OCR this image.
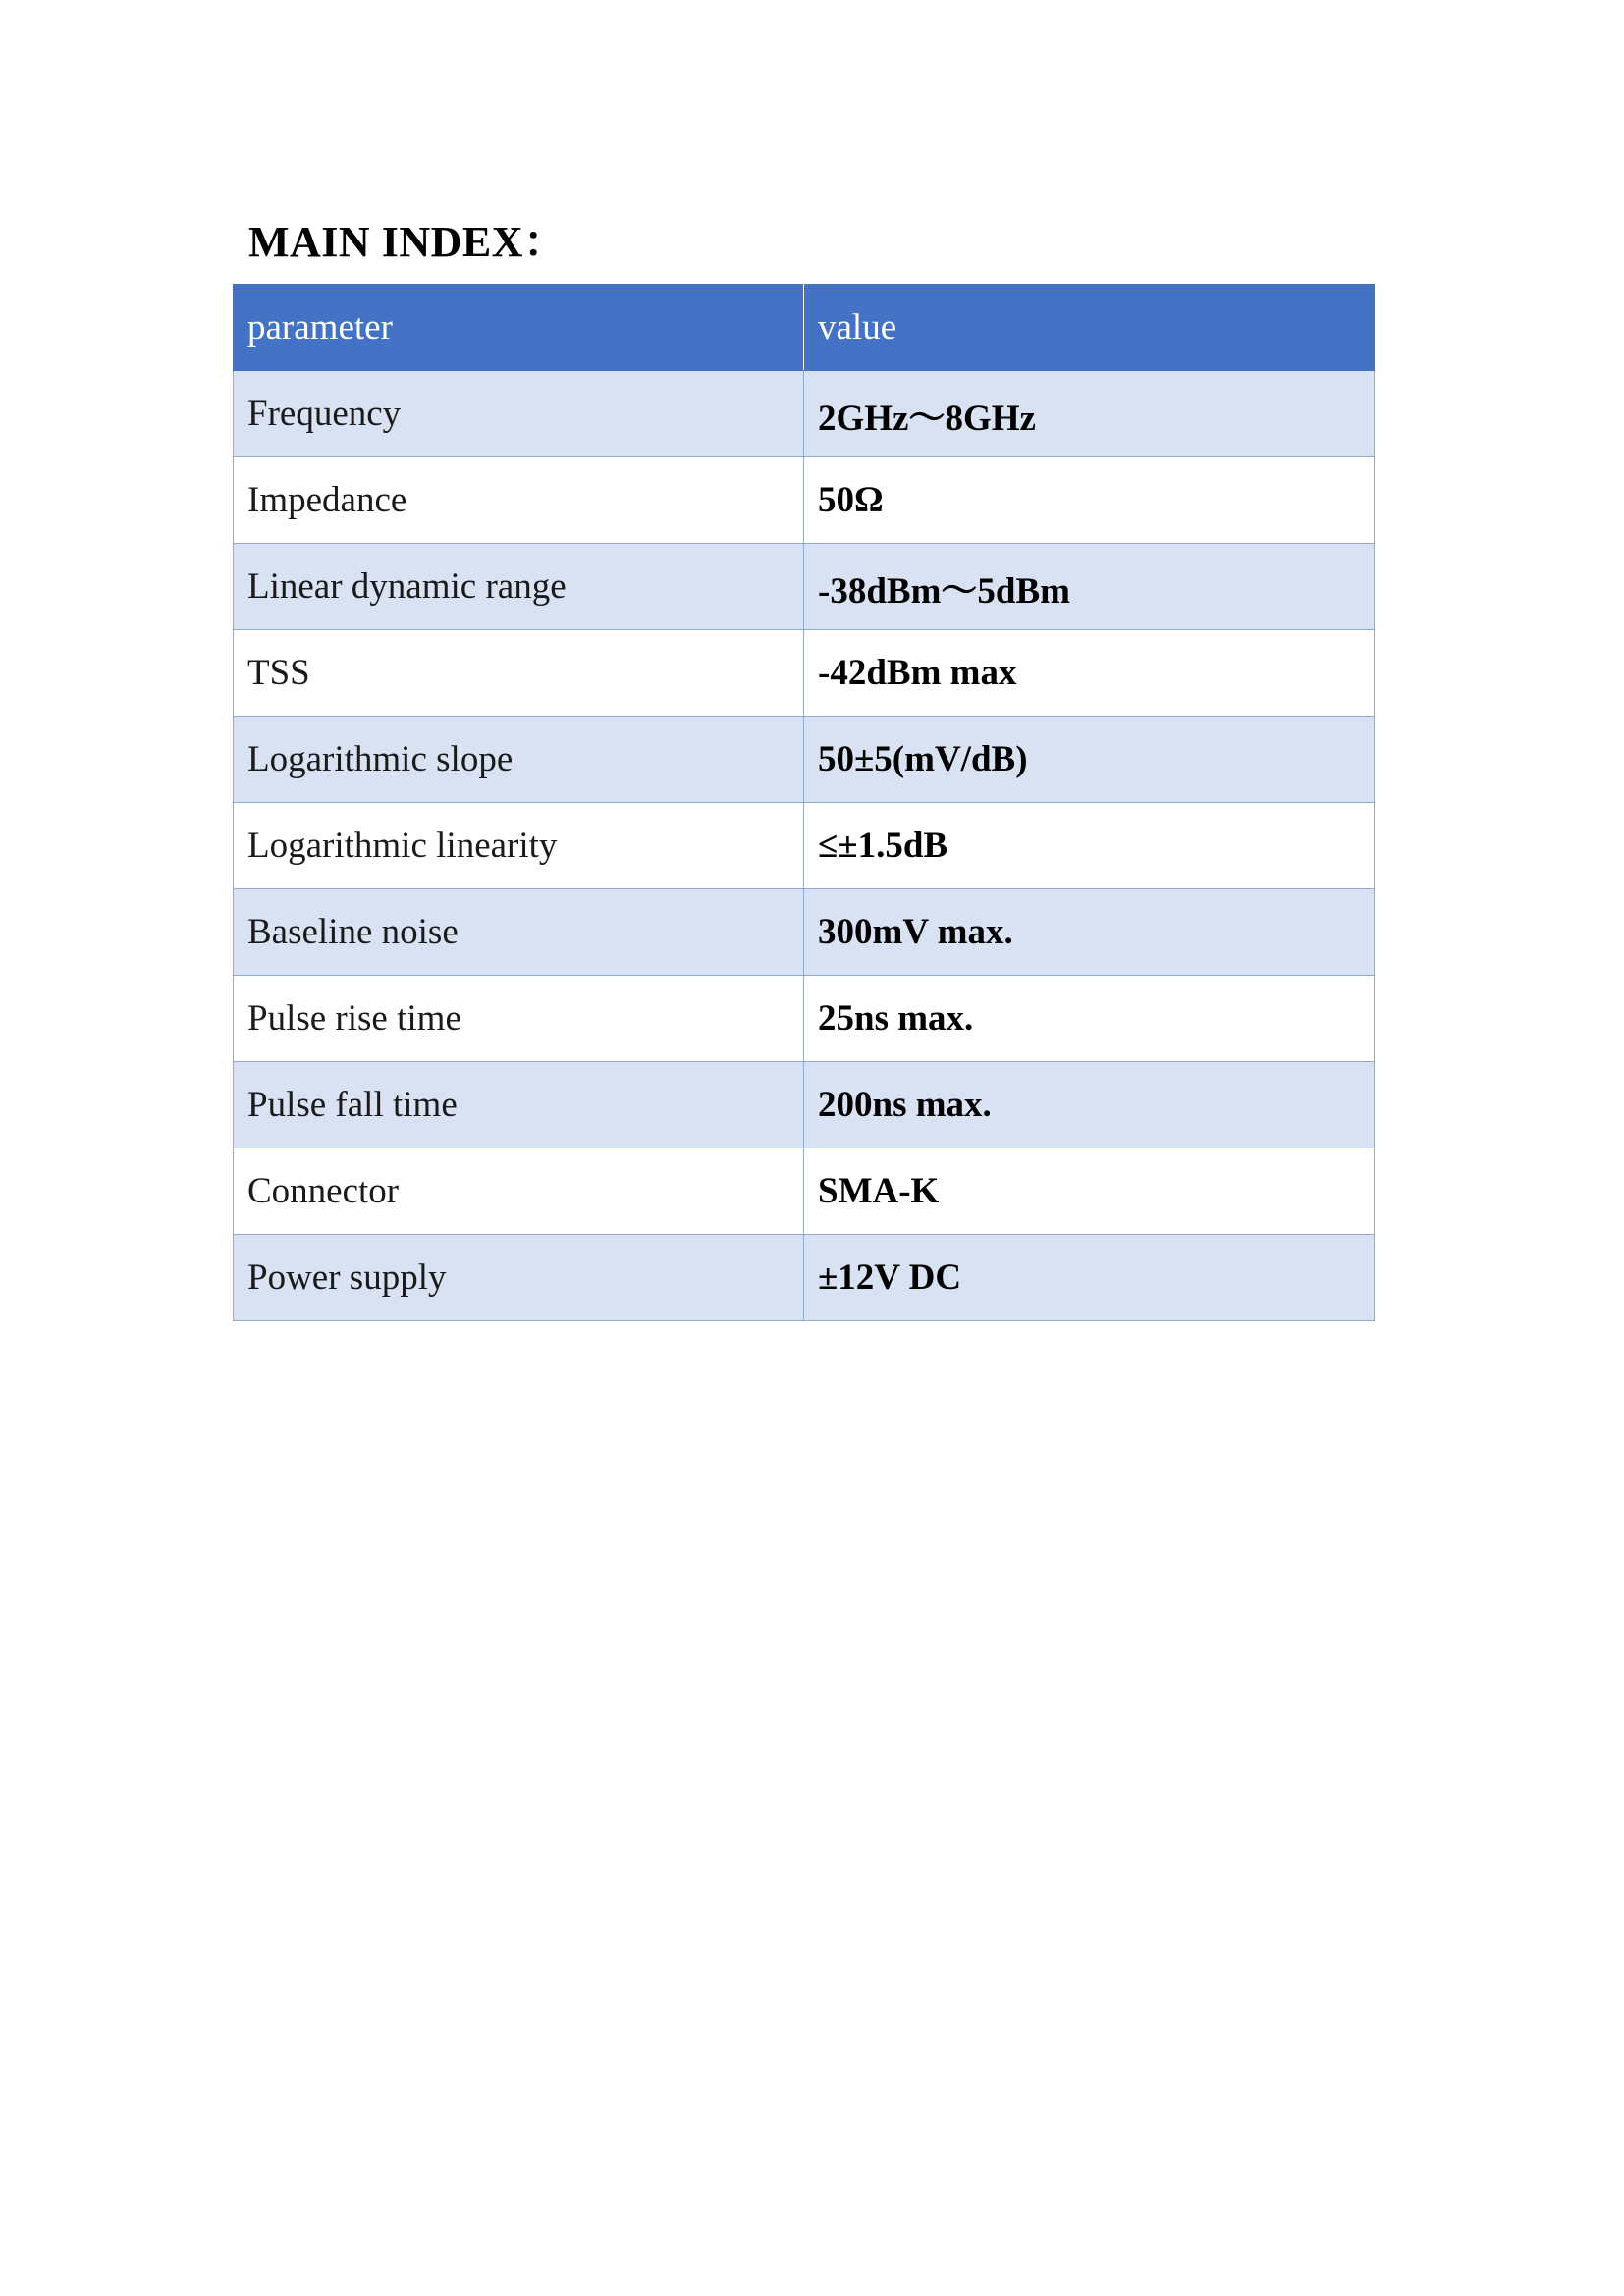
MAIN INDEX：
parameter	value
Frequency	2GHz～8GHz
Impedance	50Ω
Linear dynamic range	-38dBm～5dBm
TSS	-42dBm max
Logarithmic slope	50±5(mV/dB)
Logarithmic linearity	≤±1.5dB
Baseline noise	300mV max.
Pulse rise time	25ns max.
Pulse fall time	200ns max.
Connector	SMA-K
Power supply	±12V DC
